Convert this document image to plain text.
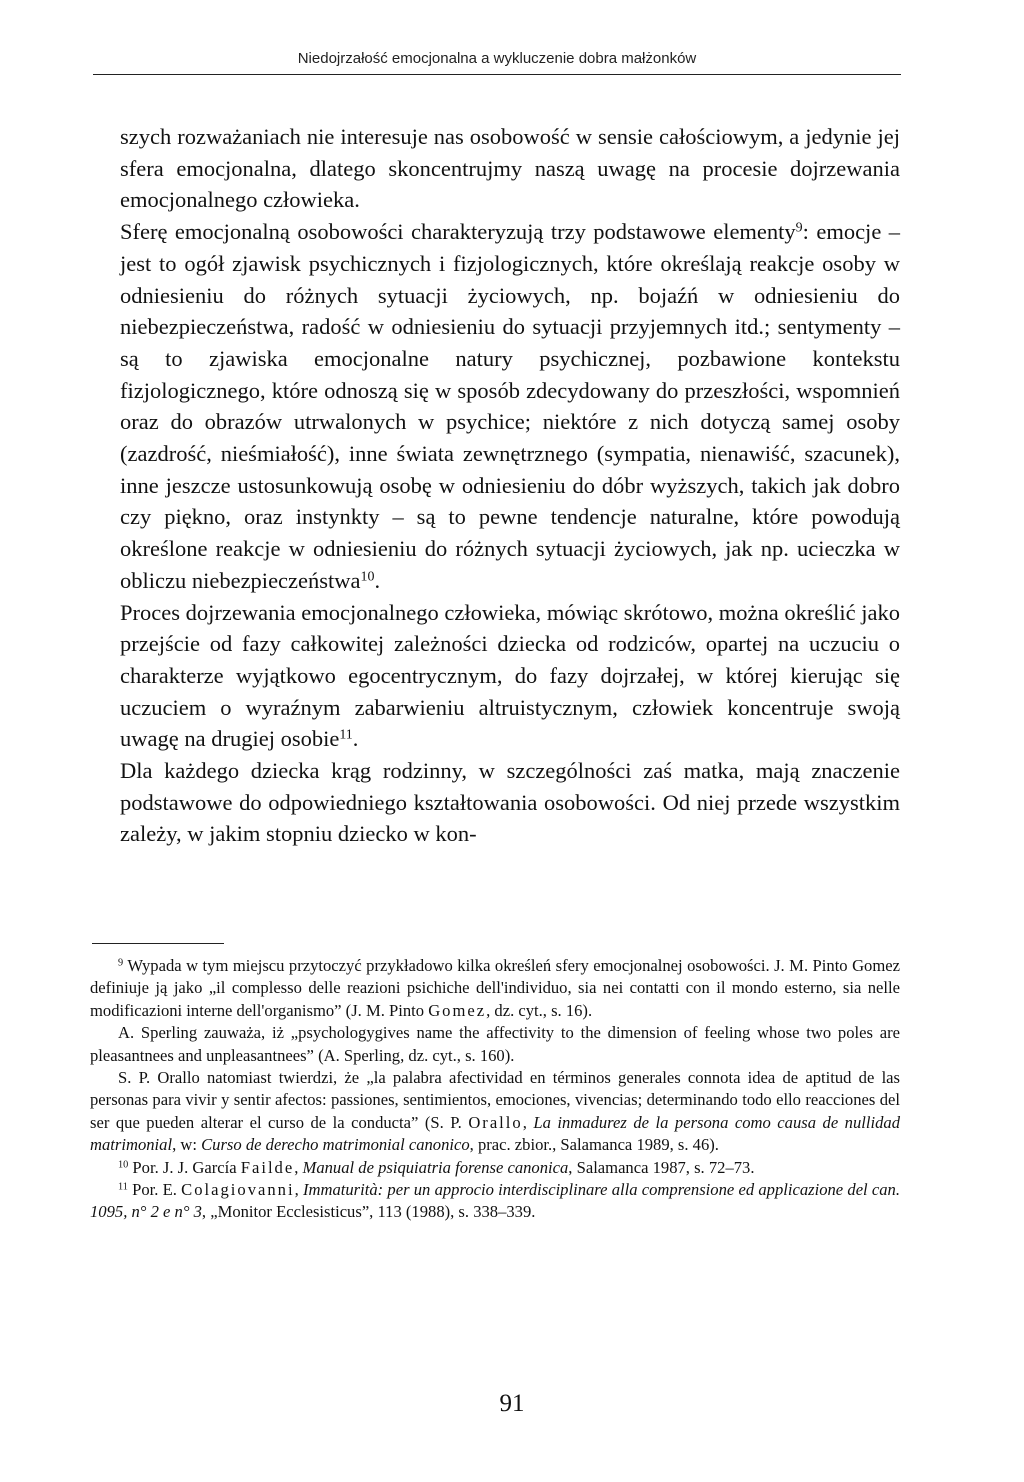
Niedojrzałość emocjonalna a wykluczenie dobra małżonków

szych rozważaniach nie interesuje nas osobowość w sensie całościowym, a jedynie jej sfera emocjonalna, dlatego skoncentrujmy naszą uwagę na procesie dojrzewania emocjonalnego człowieka.

Sferę emocjonalną osobowości charakteryzują trzy podstawowe elementy$^9$: emocje – jest to ogół zjawisk psychicznych i fizjologicznych, które określają reakcje osoby w odniesieniu do różnych sytuacji życiowych, np. bojaźń w odniesieniu do niebezpieczeństwa, radość w odniesieniu do sytuacji przyjemnych itd.; sentymenty – są to zjawiska emocjonalne natury psychicznej, pozbawione kontekstu fizjologicznego, które odnoszą się w sposób zdecydowany do przeszłości, wspomnień oraz do obrazów utrwalonych w psychice; niektóre z nich dotyczą samej osoby (zazdrość, nieśmiałość), inne świata zewnętrznego (sympatia, nienawiść, szacunek), inne jeszcze ustosunkowują osobę w odniesieniu do dóbr wyższych, takich jak dobro czy piękno, oraz instynkty – są to pewne tendencje naturalne, które powodują określone reakcje w odniesieniu do różnych sytuacji życiowych, jak np. ucieczka w obliczu niebezpieczeństwa$^{10}$.

Proces dojrzewania emocjonalnego człowieka, mówiąc skrótowo, można określić jako przejście od fazy całkowitej zależności dziecka od rodziców, opartej na uczuciu o charakterze wyjątkowo egocentrycznym, do fazy dojrzałej, w której kierując się uczuciem o wyraźnym zabarwieniu altruistycznym, człowiek koncentruje swoją uwagę na drugiej osobie$^{11}$.

Dla każdego dziecka krąg rodzinny, w szczególności zaś matka, mają znaczenie podstawowe do odpowiedniego kształtowania osobowości. Od niej przede wszystkim zależy, w jakim stopniu dziecko w kon-

$^9$ Wypada w tym miejscu przytoczyć przykładowo kilka określeń sfery emocjonalnej osobowości. J. M. Pinto Gomez definiuje ją jako „il complesso delle reazioni psichiche dell'individuo, sia nei contatti con il mondo esterno, sia nelle modificazioni interne dell'organismo” (J. M. Pinto Gomez, dz. cyt., s. 16).

A. Sperling zauważa, iż „psychologygives name the affectivity to the dimension of feeling whose two poles are pleasantnees and unpleasantnees” (A. Sperling, dz. cyt., s. 160).

S. P. Orallo natomiast twierdzi, że „la palabra afectividad en términos generales connota idea de aptitud de las personas para vivir y sentir afectos: passiones, sentimientos, emociones, vivencias; determinando todo ello reacciones del ser que pueden alterar el curso de la conducta” (S. P. Orallo, La inmadurez de la persona como causa de nullidad matrimonial, w: Curso de derecho matrimonial canonico, prac. zbior., Salamanca 1989, s. 46).

$^{10}$ Por. J. J. García Failde, Manual de psiquiatria forense canonica, Salamanca 1987, s. 72–73.

$^{11}$ Por. E. Colagiovanni, Immaturità: per un approcio interdisciplinare alla comprensione ed applicazione del can. 1095, n° 2 e n° 3, „Monitor Ecclesisticus”, 113 (1988), s. 338–339.

91
